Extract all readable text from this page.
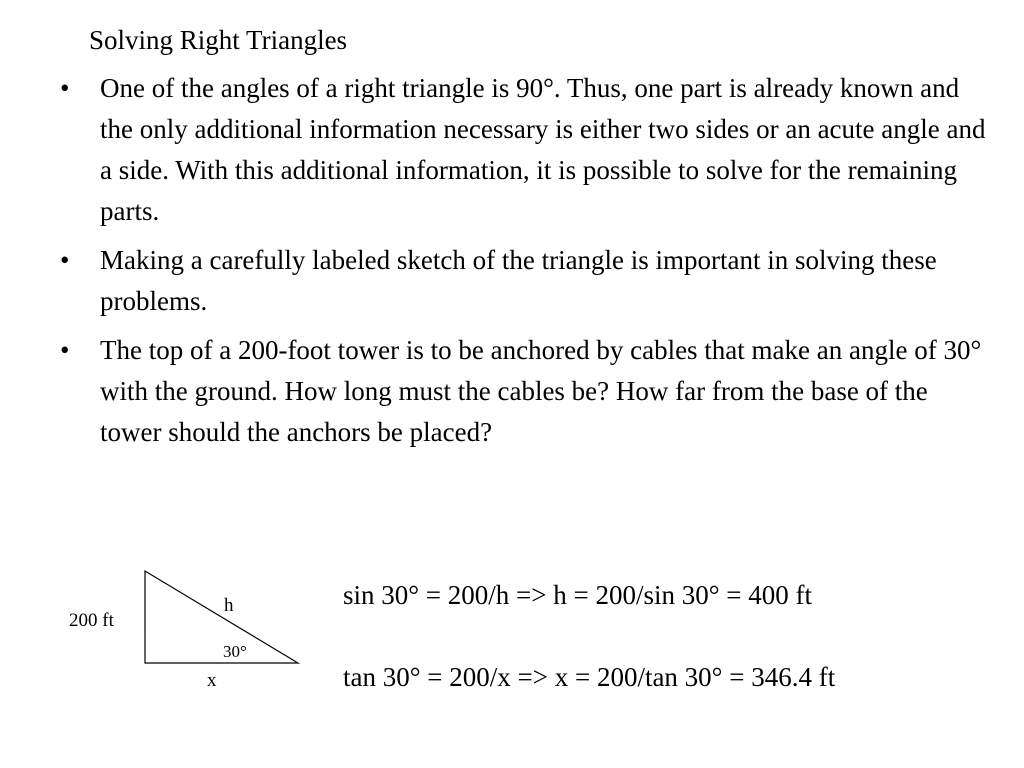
Solving Right Triangles
•	One of the angles of a right triangle is 90°. Thus, one part is already known and the only additional information necessary is either two sides or an acute angle and a side. With this additional information, it is possible to solve for the remaining parts.
•	Making a carefully labeled sketch of the triangle is important in solving these problems.
•	The top of a 200-foot tower is to be anchored by cables that make an angle of 30° with the ground. How long must the cables be? How far from the base of the tower should the anchors be placed?
200 ft
h
30°
x
sin 30° = 200/h => h = 200/sin 30° = 400 ft
tan 30° = 200/x => x = 200/tan 30° = 346.4 ft
